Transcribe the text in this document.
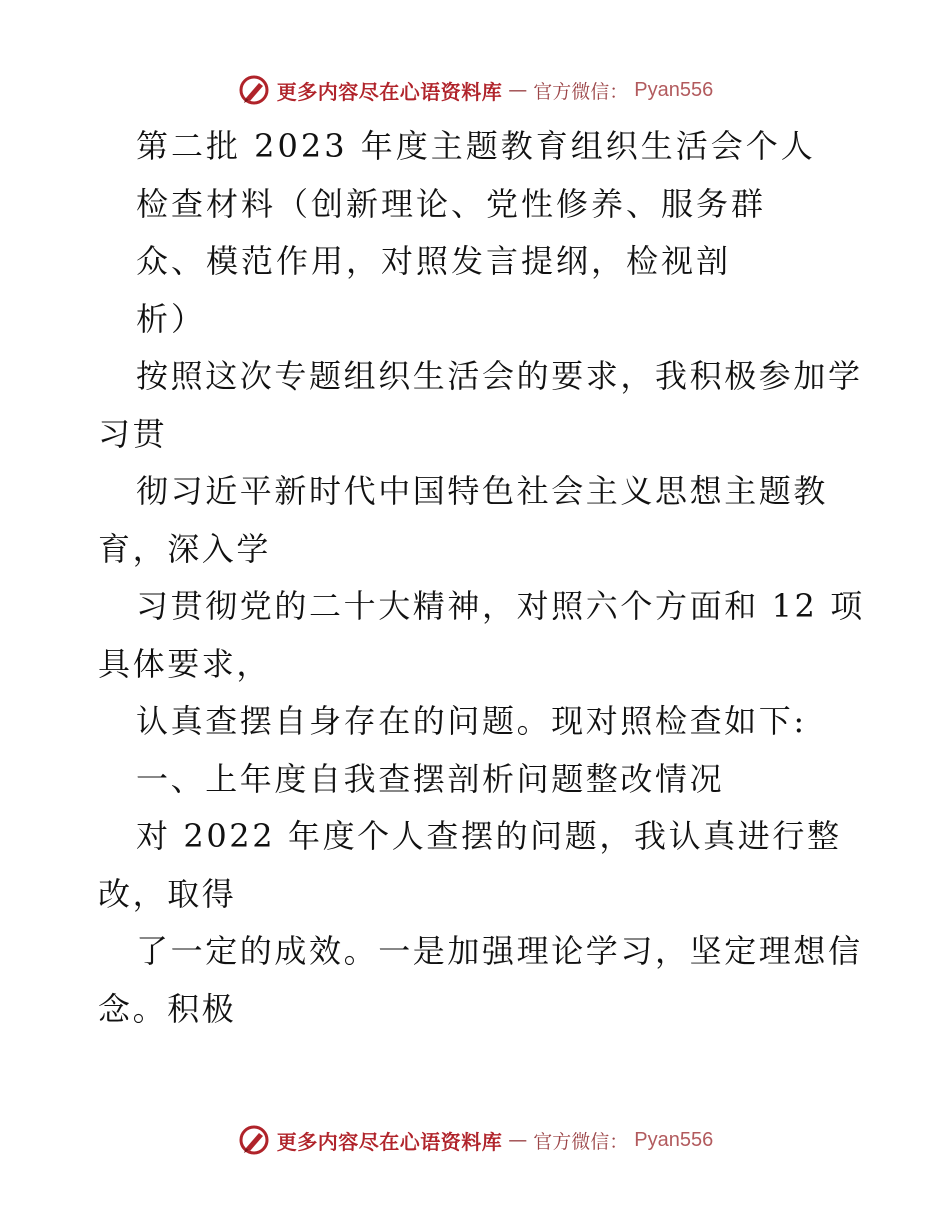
更多内容尽在心语资料库 — 官方微信： Pyan556
第二批 2023 年度主题教育组织生活会个人
检查材料（创新理论、党性修养、服务群
众、模范作用，对照发言提纲，检视剖
析）
按照这次专题组织生活会的要求，我积极参加学
习贯
彻习近平新时代中国特色社会主义思想主题教
育，深入学
习贯彻党的二十大精神，对照六个方面和 12 项
具体要求，
认真查摆自身存在的问题。现对照检查如下:
一、上年度自我查摆剖析问题整改情况
对 2022 年度个人查摆的问题，我认真进行整
改，取得
了一定的成效。一是加强理论学习，坚定理想信
念。积极
更多内容尽在心语资料库 — 官方微信： Pyan556
